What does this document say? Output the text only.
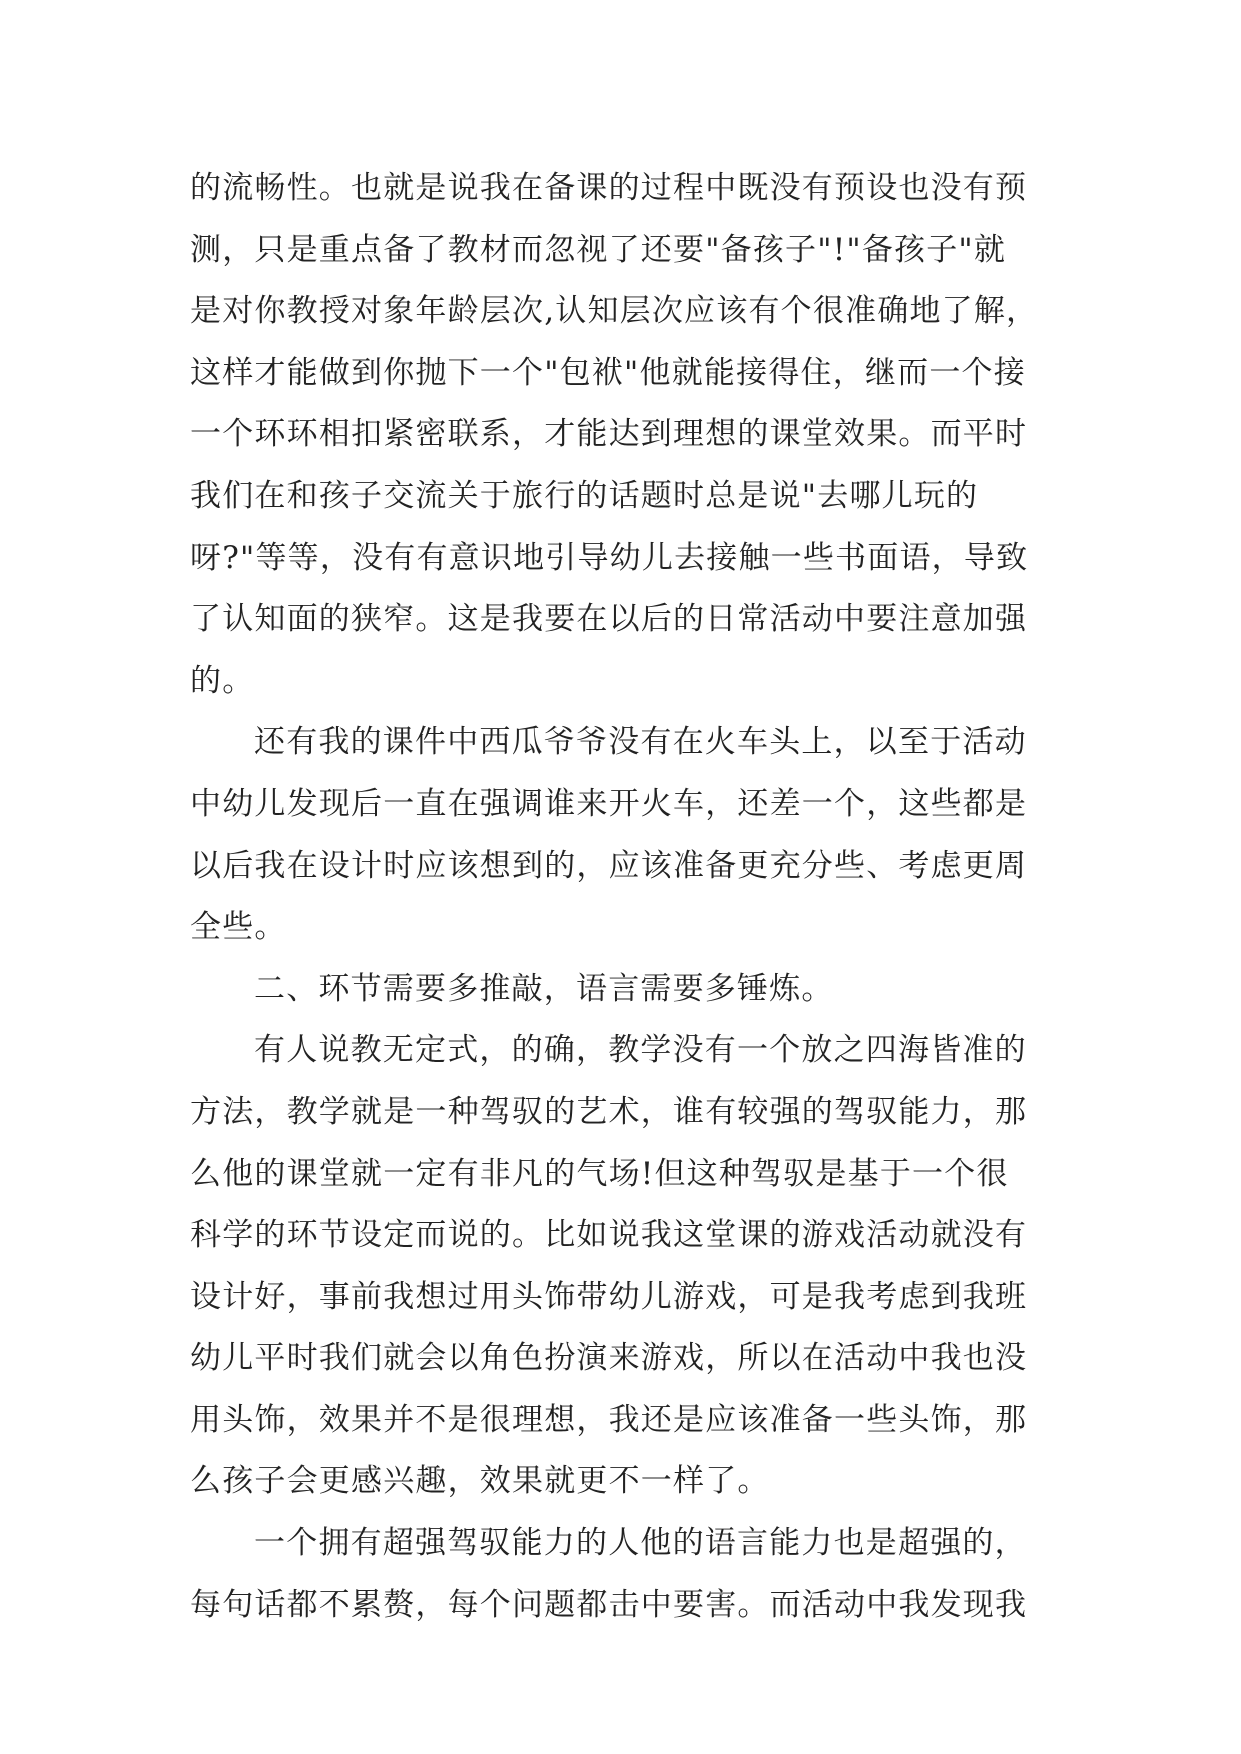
的流畅性。也就是说我在备课的过程中既没有预设也没有预
测，只是重点备了教材而忽视了还要"备孩子"!"备孩子"就
是对你教授对象年龄层次,认知层次应该有个很准确地了解，
这样才能做到你抛下一个"包袱"他就能接得住，继而一个接
一个环环相扣紧密联系，才能达到理想的课堂效果。而平时
我们在和孩子交流关于旅行的话题时总是说"去哪儿玩的
呀?"等等，没有有意识地引导幼儿去接触一些书面语，导致
了认知面的狭窄。这是我要在以后的日常活动中要注意加强
的。
还有我的课件中西瓜爷爷没有在火车头上，以至于活动
中幼儿发现后一直在强调谁来开火车，还差一个，这些都是
以后我在设计时应该想到的，应该准备更充分些、考虑更周
全些。
二、环节需要多推敲，语言需要多锤炼。
有人说教无定式，的确，教学没有一个放之四海皆准的
方法，教学就是一种驾驭的艺术，谁有较强的驾驭能力，那
么他的课堂就一定有非凡的气场!但这种驾驭是基于一个很
科学的环节设定而说的。比如说我这堂课的游戏活动就没有
设计好，事前我想过用头饰带幼儿游戏，可是我考虑到我班
幼儿平时我们就会以角色扮演来游戏，所以在活动中我也没
用头饰，效果并不是很理想，我还是应该准备一些头饰，那
么孩子会更感兴趣，效果就更不一样了。
一个拥有超强驾驭能力的人他的语言能力也是超强的，
每句话都不累赘，每个问题都击中要害。而活动中我发现我
